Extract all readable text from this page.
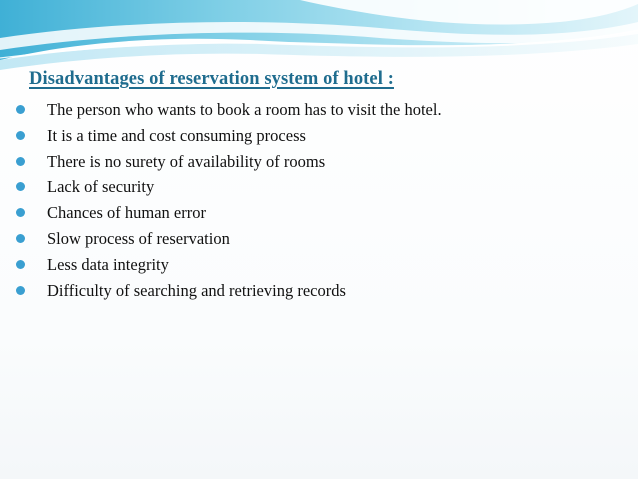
Disadvantages of reservation system of hotel :
The person who wants to book a room has to visit the hotel.
It is a time and cost consuming process
There is no surety of availability of rooms
Lack of security
Chances of human error
Slow process of reservation
Less data integrity
Difficulty of searching and retrieving records
